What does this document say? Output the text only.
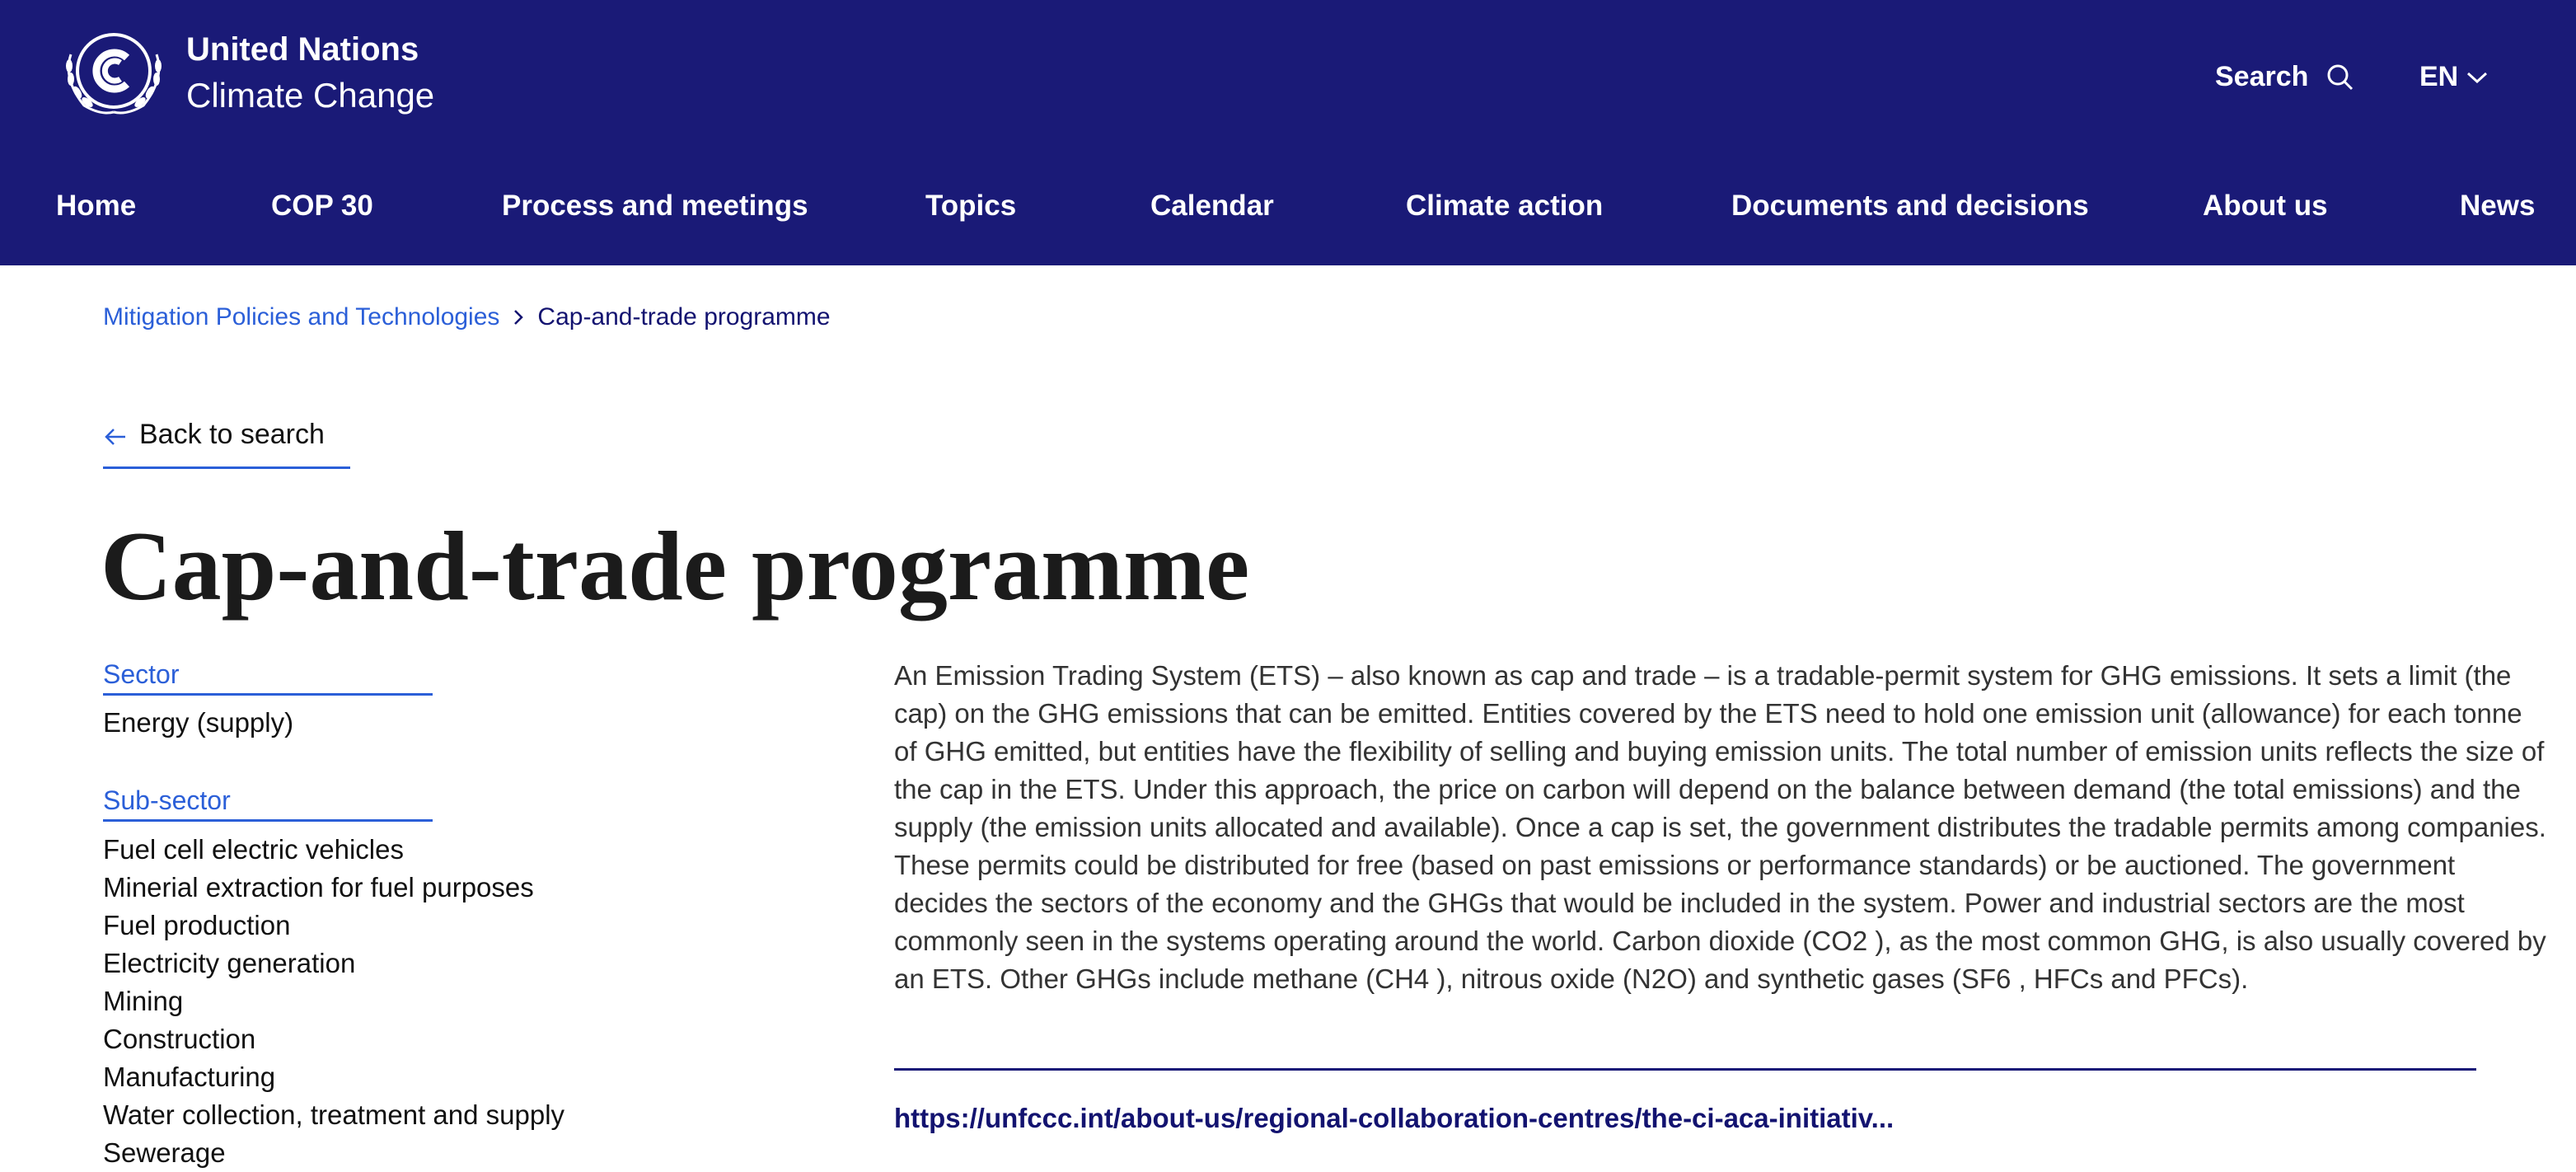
United Nations
Climate Change	Search	EN
Home	COP 30	Process and meetings	Topics	Calendar	Climate action	Documents and decisions	About us	News
Mitigation Policies and Technologies Cap-and-trade programme
Back to search
Cap-and-trade programme
Sector
Energy (supply)
Sub-sector
Fuel cell electric vehicles
Minerial extraction for fuel purposes
Fuel production
Electricity generation
Mining
Construction
Manufacturing
Water collection, treatment and supply
Sewerage

An Emission Trading System (ETS) – also known as cap and trade – is a tradable-permit system for GHG emissions. It sets a limit (the cap) on the GHG emissions that can be emitted. Entities covered by the ETS need to hold one emission unit (allowance) for each tonne of GHG emitted, but entities have the flexibility of selling and buying emission units. The total number of emission units reflects the size of the cap in the ETS. Under this approach, the price on carbon will depend on the balance between demand (the total emissions) and the supply (the emission units allocated and available). Once a cap is set, the government distributes the tradable permits among companies. These permits could be distributed for free (based on past emissions or performance standards) or be auctioned. The government decides the sectors of the economy and the GHGs that would be included in the system. Power and industrial sectors are the most commonly seen in the systems operating around the world. Carbon dioxide (CO2 ), as the most common GHG, is also usually covered by an ETS. Other GHGs include methane (CH4 ), nitrous oxide (N2O) and synthetic gases (SF6 , HFCs and PFCs).

https://unfccc.int/about-us/regional-collaboration-centres/the-ci-aca-initiativ...
